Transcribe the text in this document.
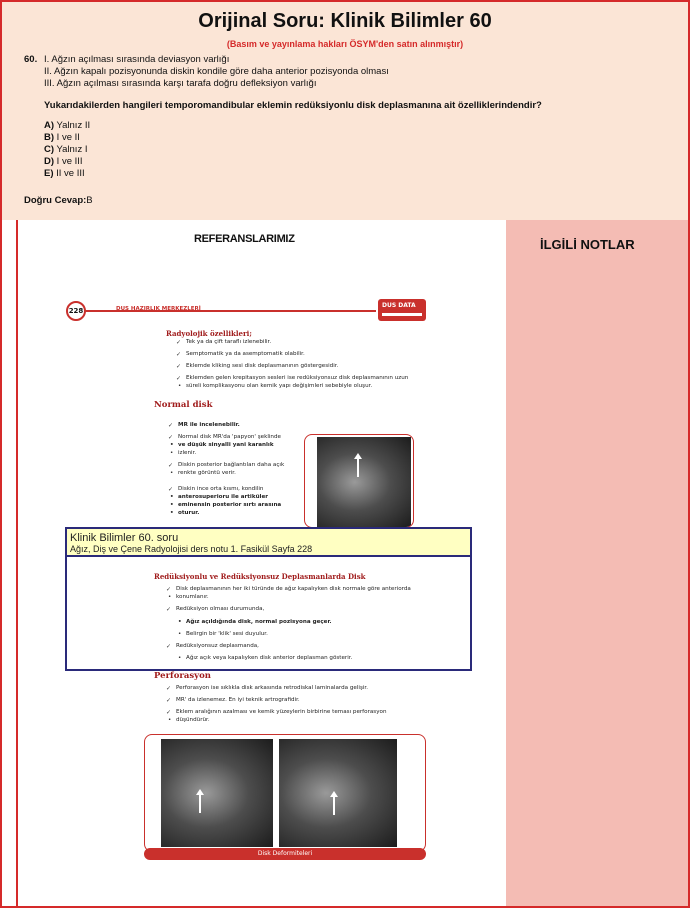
Orijinal Soru: Klinik Bilimler 60
(Basım ve yayınlama hakları ÖSYM'den satın alınmıştır)
60. I. Ağzın açılması sırasında deviasyon varlığı
II. Ağzın kapalı pozisyonunda diskin kondile göre daha anterior pozisyonda olması
III. Ağzın açılması sırasında karşı tarafa doğru defleksiyon varlığı
Yukarıdakilerden hangileri temporomandibular eklemin redüksiyonlu disk deplasmanına ait özelliklerindendir?
A) Yalnız II
B) I ve II
C) Yalnız I
D) I ve III
E) II ve III
Doğru Cevap:B
REFERANSLARIMIZ	İLGİLİ NOTLAR
228	DUS HAZIRLIK MERKEZLERİ	DUS DATA
Radyolojik özellikleri;
✓ Tek ya da çift taraflı izlenebilir.
✓ Semptomatik ya da asemptomatik olabilir.
✓ Eklemde kliking sesi disk deplasmanının göstergesidir.
✓ Eklemden gelen krepitasyon sesleri ise redüksiyonsuz disk deplasmanının uzun
• süreli komplikasyonu olan kemik yapı değişimleri sebebiyle oluşur.
Normal disk
✓ MR ile incelenebilir.
✓ Normal disk MR'da 'papyon' şeklinde
• ve düşük sinyalli yani karanlık
• izlenir.
✓ Diskin posterior bağlantıları daha açık
• renkte görüntü verir.
✓ Diskin ince orta kısmı, kondilin
• anterosuperioru ile artiküler
• eminensin posterior sırtı arasına
• oturur.
Redüksiyonlu ve Redüksiyonsuz Deplasmanlarda Disk
✓ Disk deplasmanının her iki türünde de ağız kapalıyken disk normale göre anteriorda
• konumlanır.
✓ Redüksiyon olması durumunda,
• Ağız açıldığında disk, normal pozisyona geçer.
• Belirgin bir 'klik' sesi duyulur.
✓ Redüksiyonsuz deplasmanda,
• Ağız açık veya kapalıyken disk anterior deplasman gösterir.
Perforasyon
✓ Perforasyon ise sıklıkla disk arkasında retrodiskal laminalarda gelişir.
✓ MR' da izlenemez. En iyi teknik artrografidir.
✓ Eklem aralığının azalması ve kemik yüzeylerin birbirine teması perforasyon
• düşündürür.
Disk Deformiteleri
Klinik Bilimler 60. soru
Ağız, Diş ve Çene Radyolojisi ders notu 1. Fasikül Sayfa 228
